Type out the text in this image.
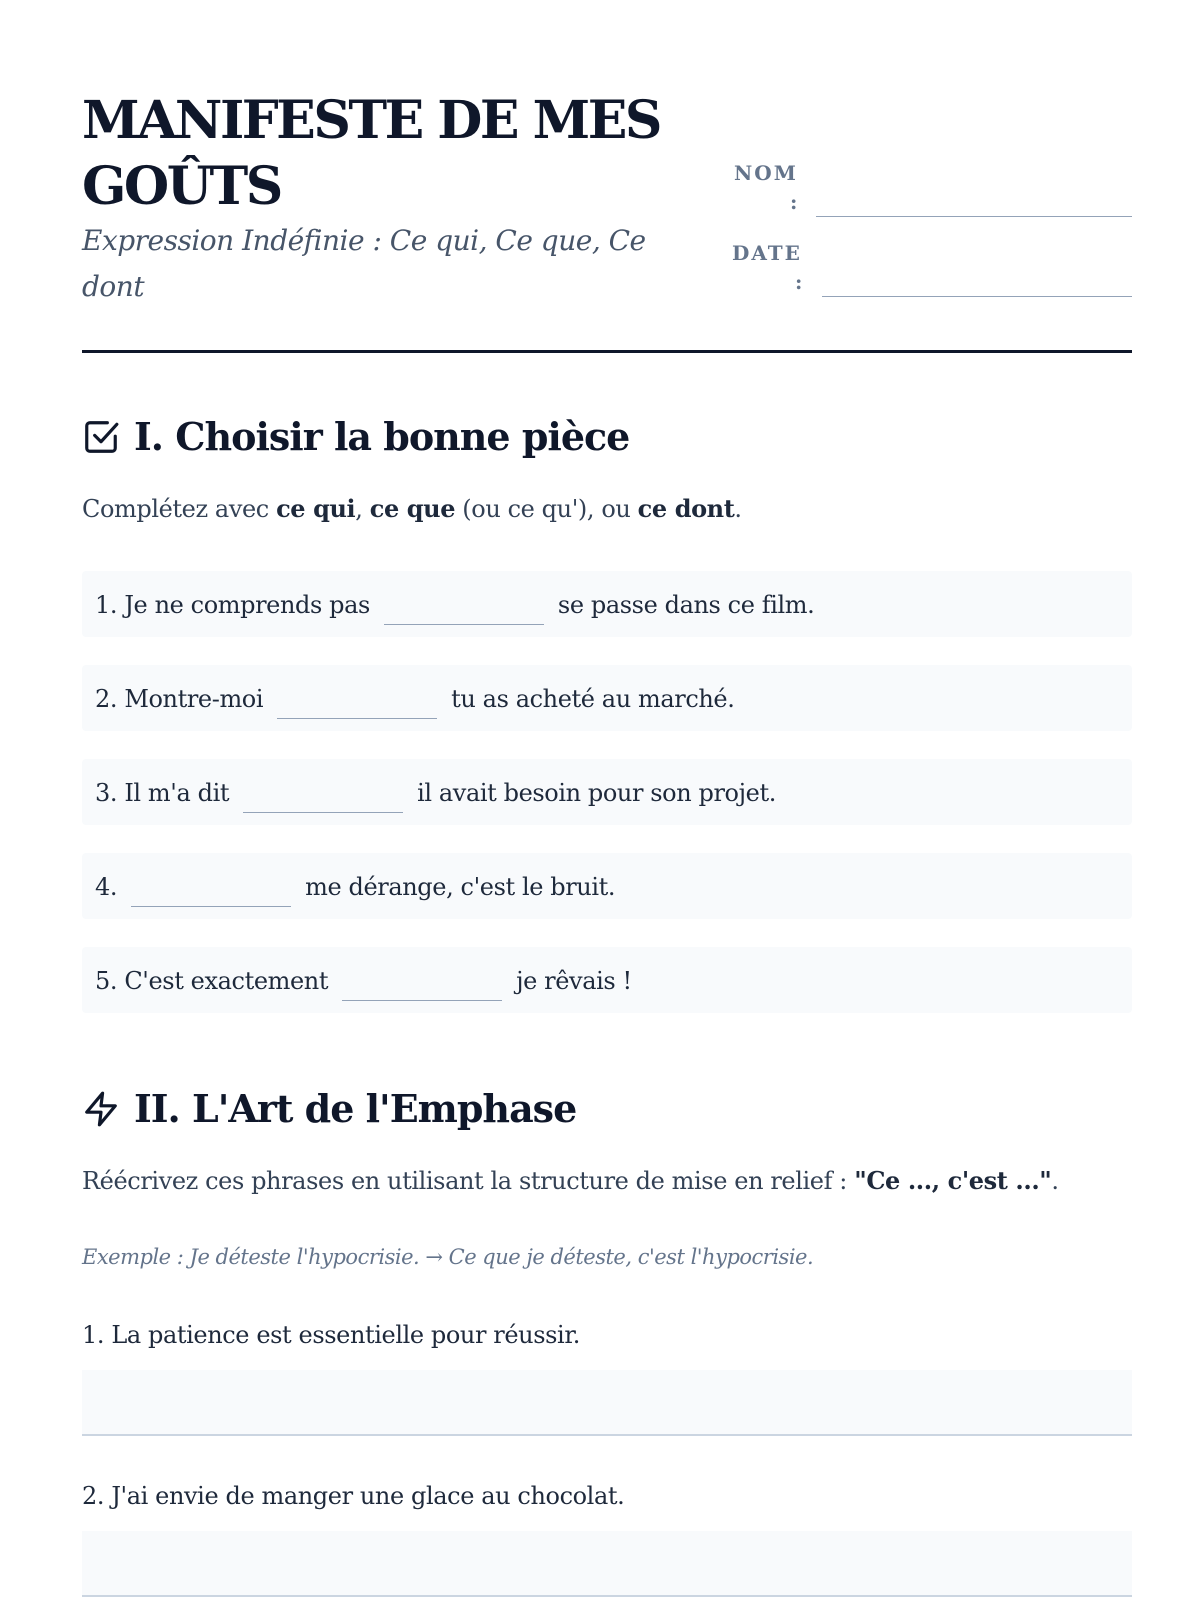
MANIFESTE DE MES GOÛTS
Expression Indéfinie : Ce qui, Ce que, Ce dont
NOM
:
DATE
:
I. Choisir la bonne pièce
Complétez avec ce qui, ce que (ou ce qu'), ou ce dont.
1. Je ne comprends pas	se passe dans ce film.
2. Montre-moi	tu as acheté au marché.
3. Il m'a dit	il avait besoin pour son projet.
4.	me dérange, c'est le bruit.
5. C'est exactement	je rêvais !
II. L'Art de l'Emphase
Réécrivez ces phrases en utilisant la structure de mise en relief : "Ce ..., c'est ...".
Exemple : Je déteste l'hypocrisie. → Ce que je déteste, c'est l'hypocrisie.
1. La patience est essentielle pour réussir.
2. J'ai envie de manger une glace au chocolat.
